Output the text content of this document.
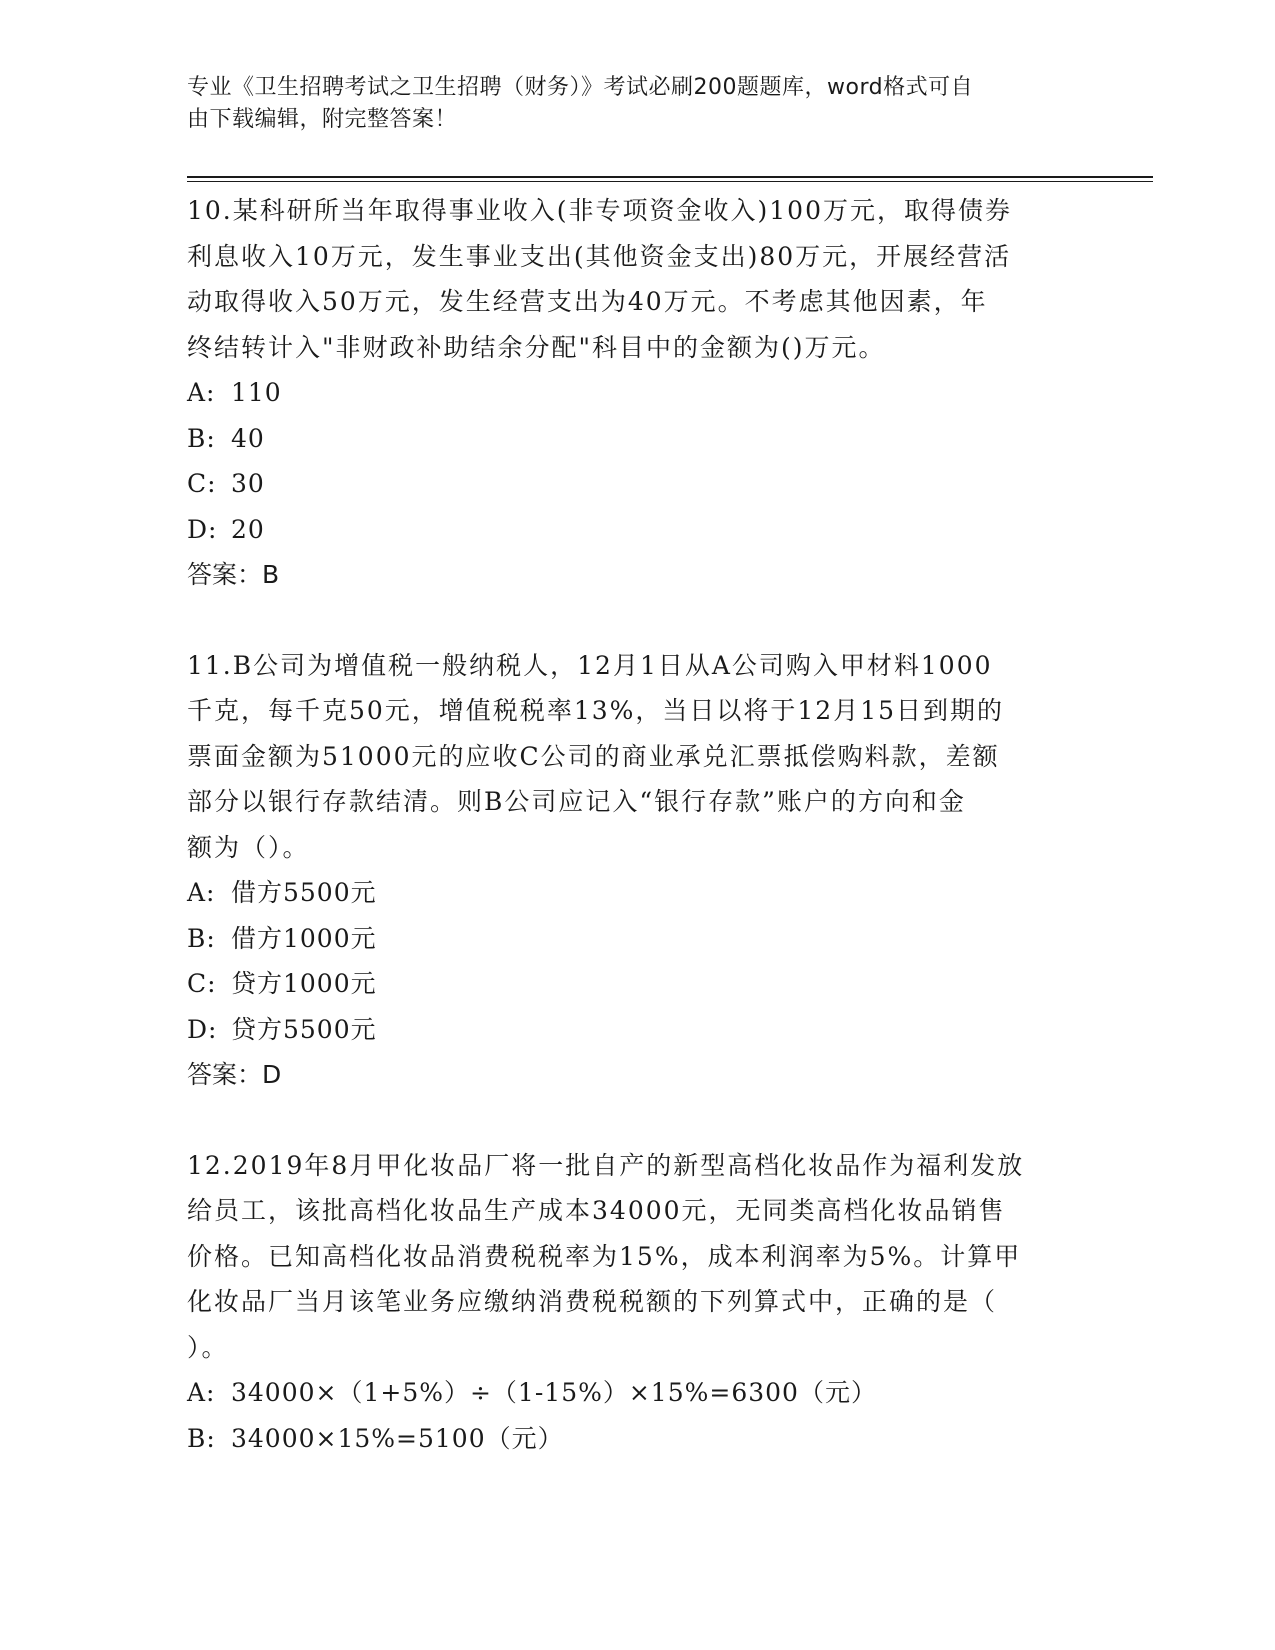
专业《卫生招聘考试之卫生招聘（财务）》考试必刷200题题库，word格式可自
由下载编辑，附完整答案！

10.某科研所当年取得事业收入(非专项资金收入)100万元，取得债券

利息收入10万元，发生事业支出(其他资金支出)80万元，开展经营活

动取得收入50万元，发生经营支出为40万元。不考虑其他因素，年

终结转计入"非财政补助结余分配"科目中的金额为()万元。

A: 110

B: 40

C: 30

D: 20

答案：B

11.B公司为增值税一般纳税人，12月1日从A公司购入甲材料1000

千克，每千克50元，增值税税率13%，当日以将于12月15日到期的

票面金额为51000元的应收C公司的商业承兑汇票抵偿购料款，差额

部分以银行存款结清。则B公司应记入“银行存款”账户的方向和金

额为（）。

A: 借方5500元

B: 借方1000元

C: 贷方1000元

D: 贷方5500元

答案：D

12.2019年8月甲化妆品厂将一批自产的新型高档化妆品作为福利发放

给员工，该批高档化妆品生产成本34000元，无同类高档化妆品销售

价格。已知高档化妆品消费税税率为15%，成本利润率为5%。计算甲

化妆品厂当月该笔业务应缴纳消费税税额的下列算式中，正确的是（

）。

A: 34000×（1+5%）÷（1-15%）×15%=6300（元）

B: 34000×15%=5100（元）
